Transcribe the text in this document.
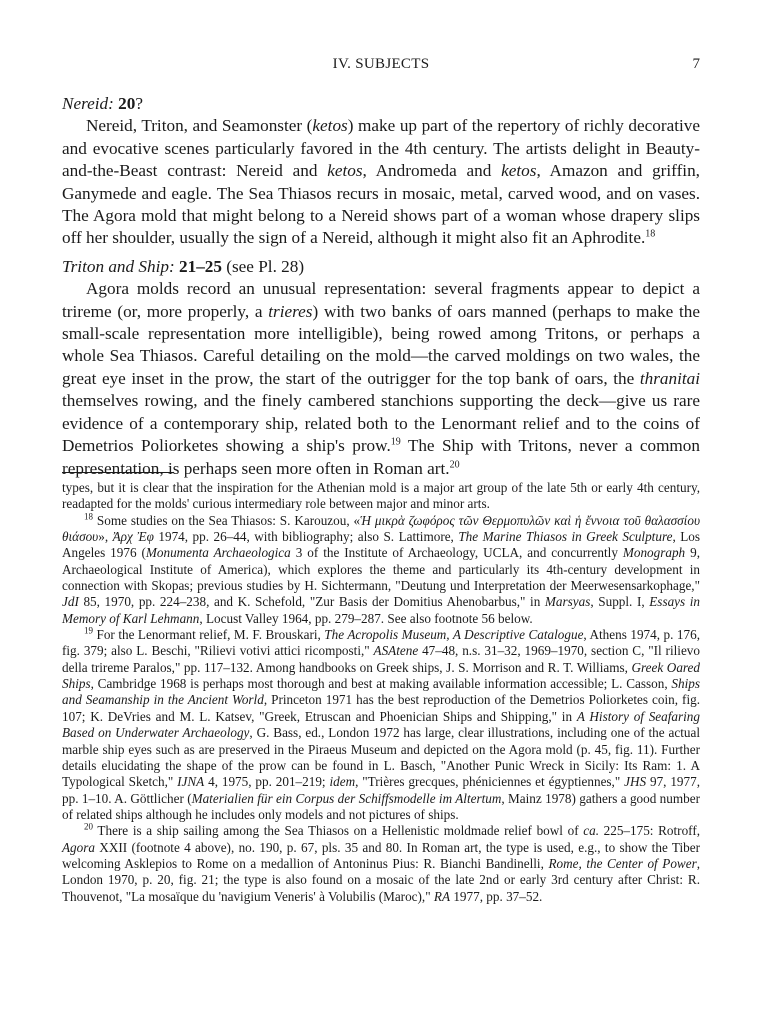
IV. SUBJECTS	7

Nereid: 20?

Nereid, Triton, and Seamonster (ketos) make up part of the repertory of richly decorative and evocative scenes particularly favored in the 4th century. The artists delight in Beauty-and-the-Beast contrast: Nereid and ketos, Andromeda and ketos, Amazon and griffin, Ganymede and eagle. The Sea Thiasos recurs in mosaic, metal, carved wood, and on vases. The Agora mold that might belong to a Nereid shows part of a woman whose drapery slips off her shoulder, usually the sign of a Nereid, although it might also fit an Aphrodite.$^{18}$

Triton and Ship: 21–25 (see Pl. 28)

Agora molds record an unusual representation: several fragments appear to depict a trireme (or, more properly, a trieres) with two banks of oars manned (perhaps to make the small-scale representation more intelligible), being rowed among Tritons, or perhaps a whole Sea Thiasos. Careful detailing on the mold—the carved moldings on two wales, the great eye inset in the prow, the start of the outrigger for the top bank of oars, the thranitai themselves rowing, and the finely cambered stanchions supporting the deck—give us rare evidence of a contemporary ship, related both to the Lenormant relief and to the coins of Demetrios Poliorketes showing a ship's prow.$^{19}$ The Ship with Tritons, never a common representation, is perhaps seen more often in Roman art.$^{20}$

types, but it is clear that the inspiration for the Athenian mold is a major art group of the late 5th or early 4th century, readapted for the molds' curious intermediary role between major and minor arts.

$^{18}$ Some studies on the Sea Thiasos: S. Karouzou, «Ἡ μικρὰ ζωφόρος τῶν Θερμοπυλῶν καὶ ἡ ἔννοια τοῦ θαλασσίου θιάσου», Ἀρχ Ἐφ 1974, pp. 26–44, with bibliography; also S. Lattimore, The Marine Thiasos in Greek Sculpture, Los Angeles 1976 (Monumenta Archaeologica 3 of the Institute of Archaeology, UCLA, and concurrently Monograph 9, Archaeological Institute of America), which explores the theme and particularly its 4th-century development in connection with Skopas; previous studies by H. Sichtermann, "Deutung und Interpretation der Meerwesensarkophage," JdI 85, 1970, pp. 224–238, and K. Schefold, "Zur Basis der Domitius Ahenobarbus," in Marsyas, Suppl. I, Essays in Memory of Karl Lehmann, Locust Valley 1964, pp. 279–287. See also footnote 56 below.

$^{19}$ For the Lenormant relief, M. F. Brouskari, The Acropolis Museum, A Descriptive Catalogue, Athens 1974, p. 176, fig. 379; also L. Beschi, "Rilievi votivi attici ricomposti," ASAtene 47–48, n.s. 31–32, 1969–1970, section C, "Il rilievo della trireme Paralos," pp. 117–132. Among handbooks on Greek ships, J. S. Morrison and R. T. Williams, Greek Oared Ships, Cambridge 1968 is perhaps most thorough and best at making available information accessible; L. Casson, Ships and Seamanship in the Ancient World, Princeton 1971 has the best reproduction of the Demetrios Poliorketes coin, fig. 107; K. DeVries and M. L. Katsev, "Greek, Etruscan and Phoenician Ships and Shipping," in A History of Seafaring Based on Underwater Archaeology, G. Bass, ed., London 1972 has large, clear illustrations, including one of the actual marble ship eyes such as are preserved in the Piraeus Museum and depicted on the Agora mold (p. 45, fig. 11). Further details elucidating the shape of the prow can be found in L. Basch, "Another Punic Wreck in Sicily: Its Ram: 1. A Typological Sketch," IJNA 4, 1975, pp. 201–219; idem, "Trières grecques, phéniciennes et égyptiennes," JHS 97, 1977, pp. 1–10. A. Göttlicher (Materialien für ein Corpus der Schiffsmodelle im Altertum, Mainz 1978) gathers a good number of related ships although he includes only models and not pictures of ships.

$^{20}$ There is a ship sailing among the Sea Thiasos on a Hellenistic moldmade relief bowl of ca. 225–175: Rotroff, Agora XXII (footnote 4 above), no. 190, p. 67, pls. 35 and 80. In Roman art, the type is used, e.g., to show the Tiber welcoming Asklepios to Rome on a medallion of Antoninus Pius: R. Bianchi Bandinelli, Rome, the Center of Power, London 1970, p. 20, fig. 21; the type is also found on a mosaic of the late 2nd or early 3rd century after Christ: R. Thouvenot, "La mosaïque du 'navigium Veneris' à Volubilis (Maroc)," RA 1977, pp. 37–52.
